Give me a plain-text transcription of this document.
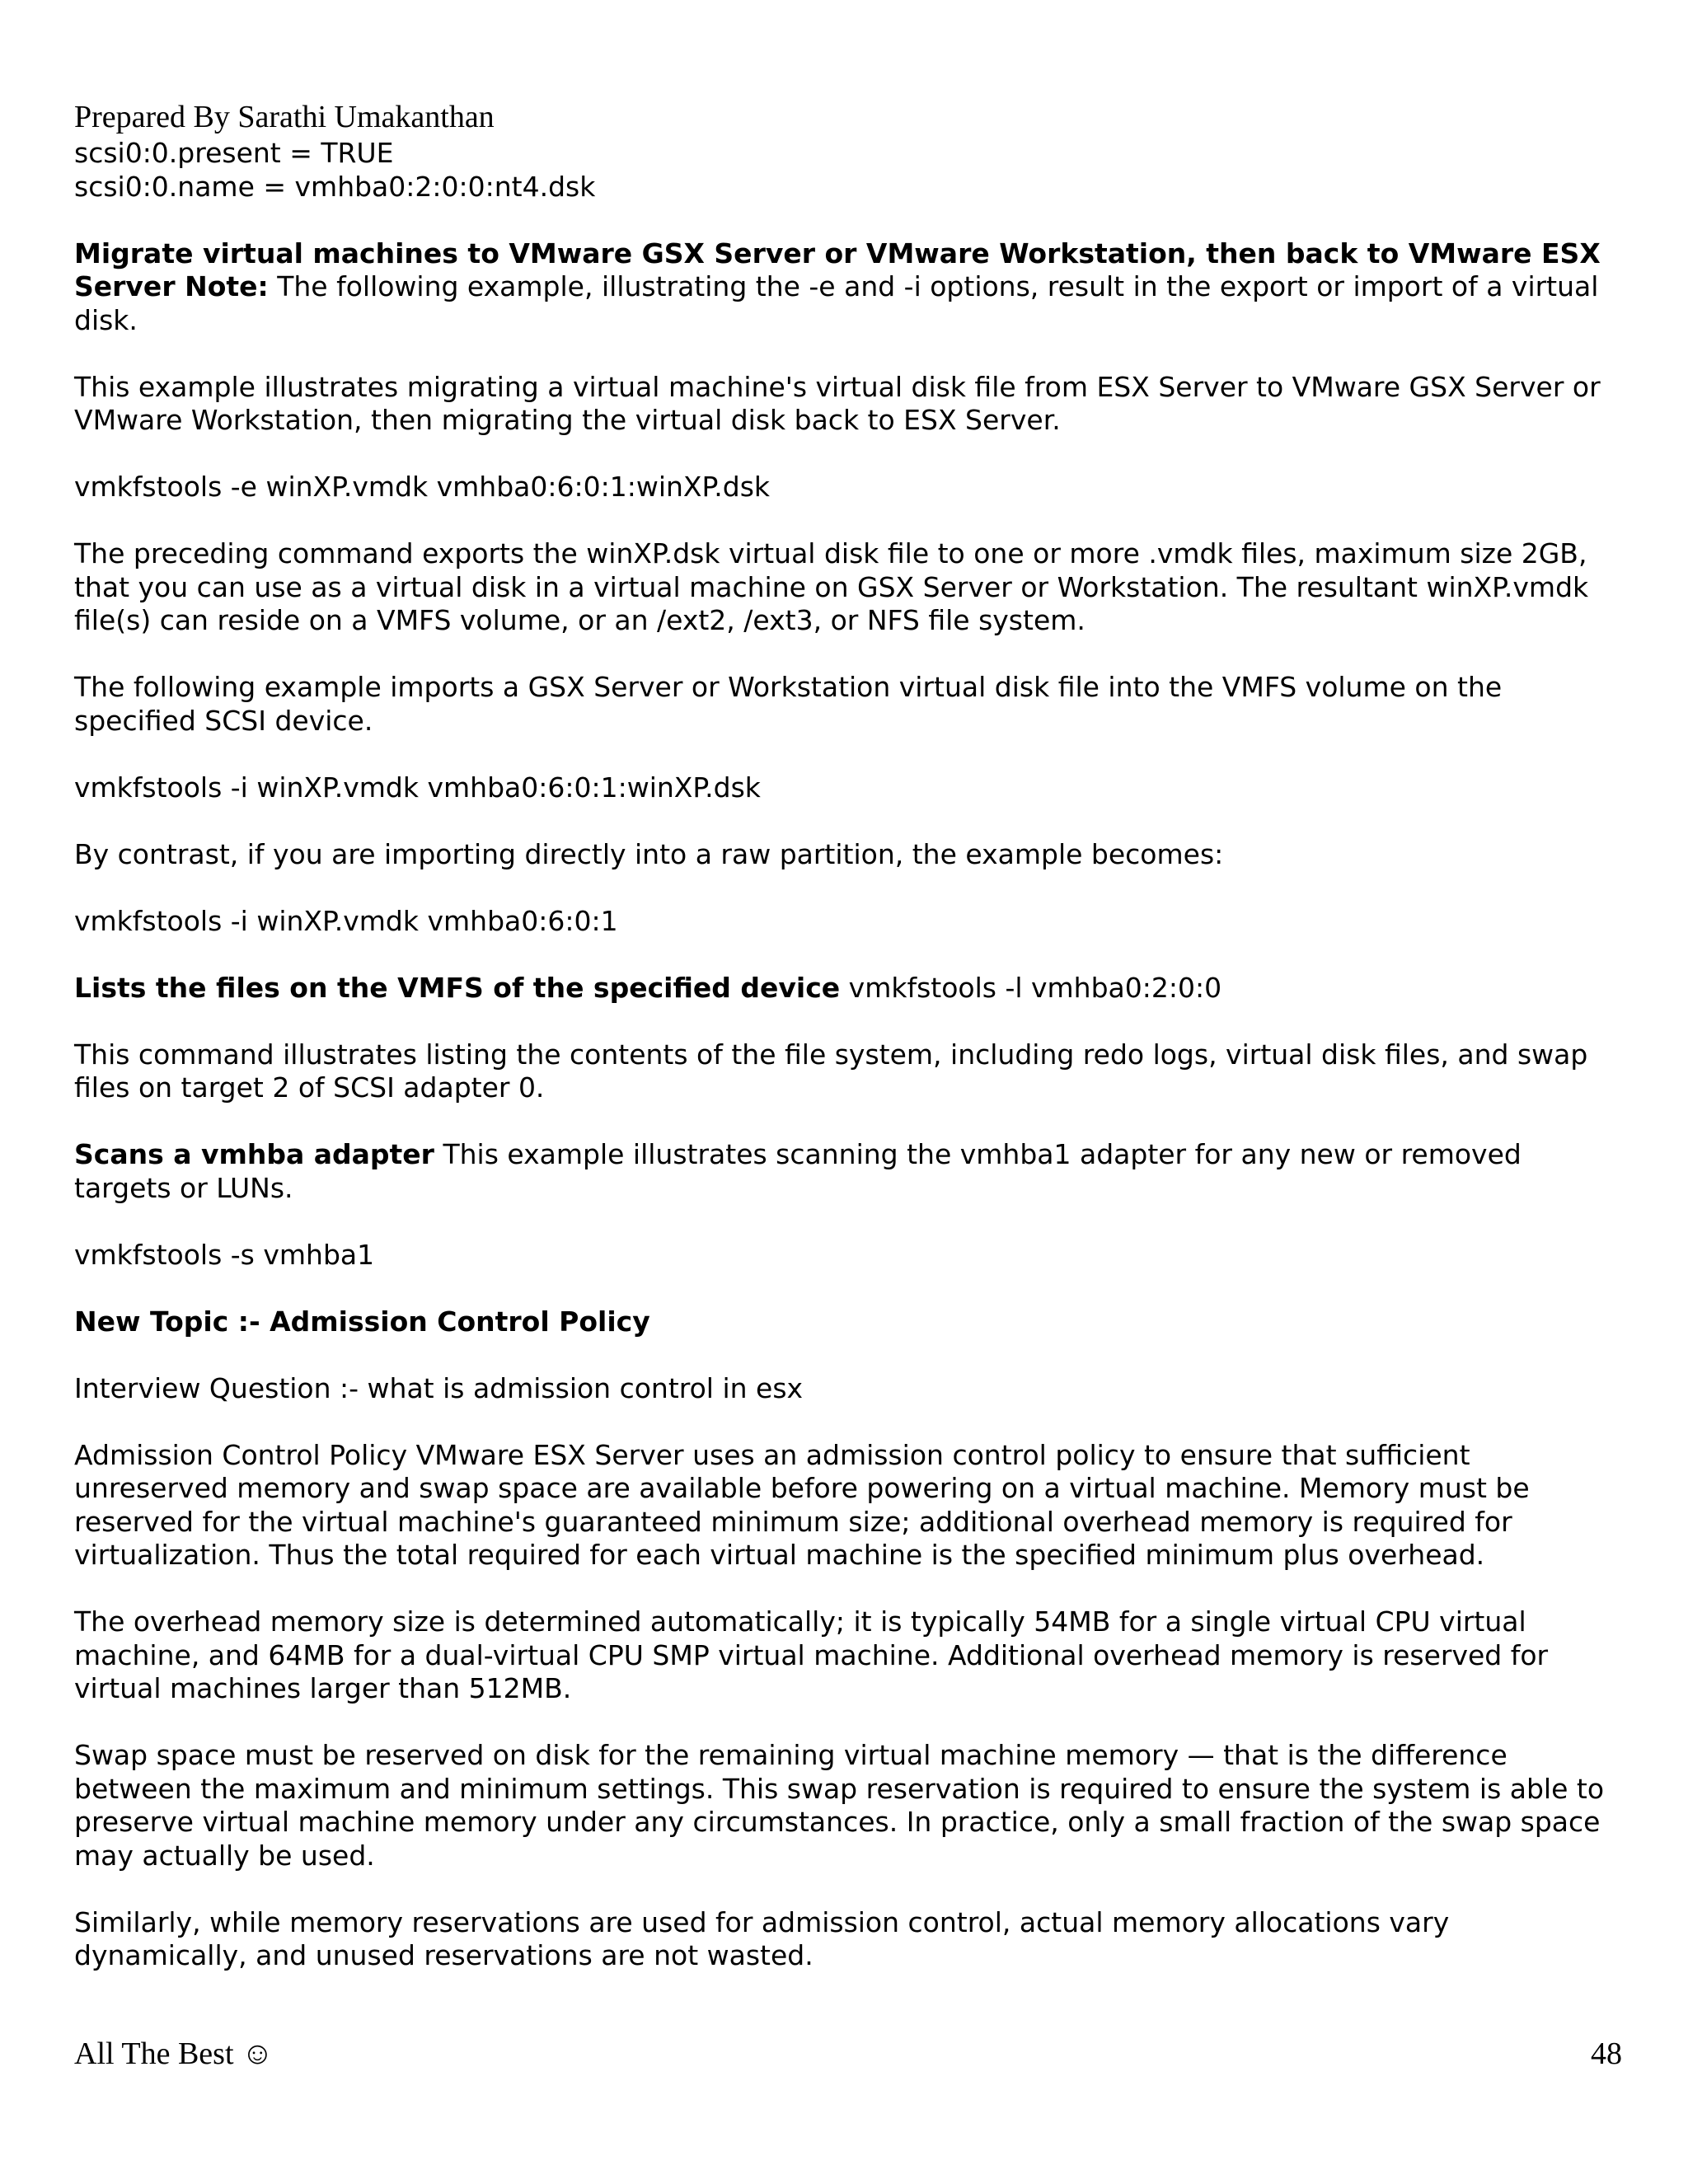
Prepared By Sarathi Umakanthan

scsi0:0.present = TRUE

scsi0:0.name = vmhba0:2:0:0:nt4.dsk

Migrate virtual machines to VMware GSX Server or VMware Workstation, then back to VMware ESX Server Note: The following example, illustrating the -e and -i options, result in the export or import of a virtual disk.

This example illustrates migrating a virtual machine's virtual disk file from ESX Server to VMware GSX Server or VMware Workstation, then migrating the virtual disk back to ESX Server.

vmkfstools -e winXP.vmdk vmhba0:6:0:1:winXP.dsk

The preceding command exports the winXP.dsk virtual disk file to one or more .vmdk files, maximum size 2GB, that you can use as a virtual disk in a virtual machine on GSX Server or Workstation. The resultant winXP.vmdk file(s) can reside on a VMFS volume, or an /ext2, /ext3, or NFS file system.

The following example imports a GSX Server or Workstation virtual disk file into the VMFS volume on the specified SCSI device.

vmkfstools -i winXP.vmdk vmhba0:6:0:1:winXP.dsk

By contrast, if you are importing directly into a raw partition, the example becomes:

vmkfstools -i winXP.vmdk vmhba0:6:0:1

Lists the files on the VMFS of the specified device vmkfstools -l vmhba0:2:0:0

This command illustrates listing the contents of the file system, including redo logs, virtual disk files, and swap files on target 2 of SCSI adapter 0.

Scans a vmhba adapter This example illustrates scanning the vmhba1 adapter for any new or removed targets or LUNs.

vmkfstools -s vmhba1

New Topic :- Admission Control Policy

Interview Question :- what is admission control in esx

Admission Control Policy VMware ESX Server uses an admission control policy to ensure that sufficient unreserved memory and swap space are available before powering on a virtual machine. Memory must be reserved for the virtual machine's guaranteed minimum size; additional overhead memory is required for virtualization. Thus the total required for each virtual machine is the specified minimum plus overhead.

The overhead memory size is determined automatically; it is typically 54MB for a single virtual CPU virtual machine, and 64MB for a dual-virtual CPU SMP virtual machine. Additional overhead memory is reserved for virtual machines larger than 512MB.

Swap space must be reserved on disk for the remaining virtual machine memory — that is the difference between the maximum and minimum settings. This swap reservation is required to ensure the system is able to preserve virtual machine memory under any circumstances. In practice, only a small fraction of the swap space may actually be used.

Similarly, while memory reservations are used for admission control, actual memory allocations vary dynamically, and unused reservations are not wasted.

All The Best ☺	48
